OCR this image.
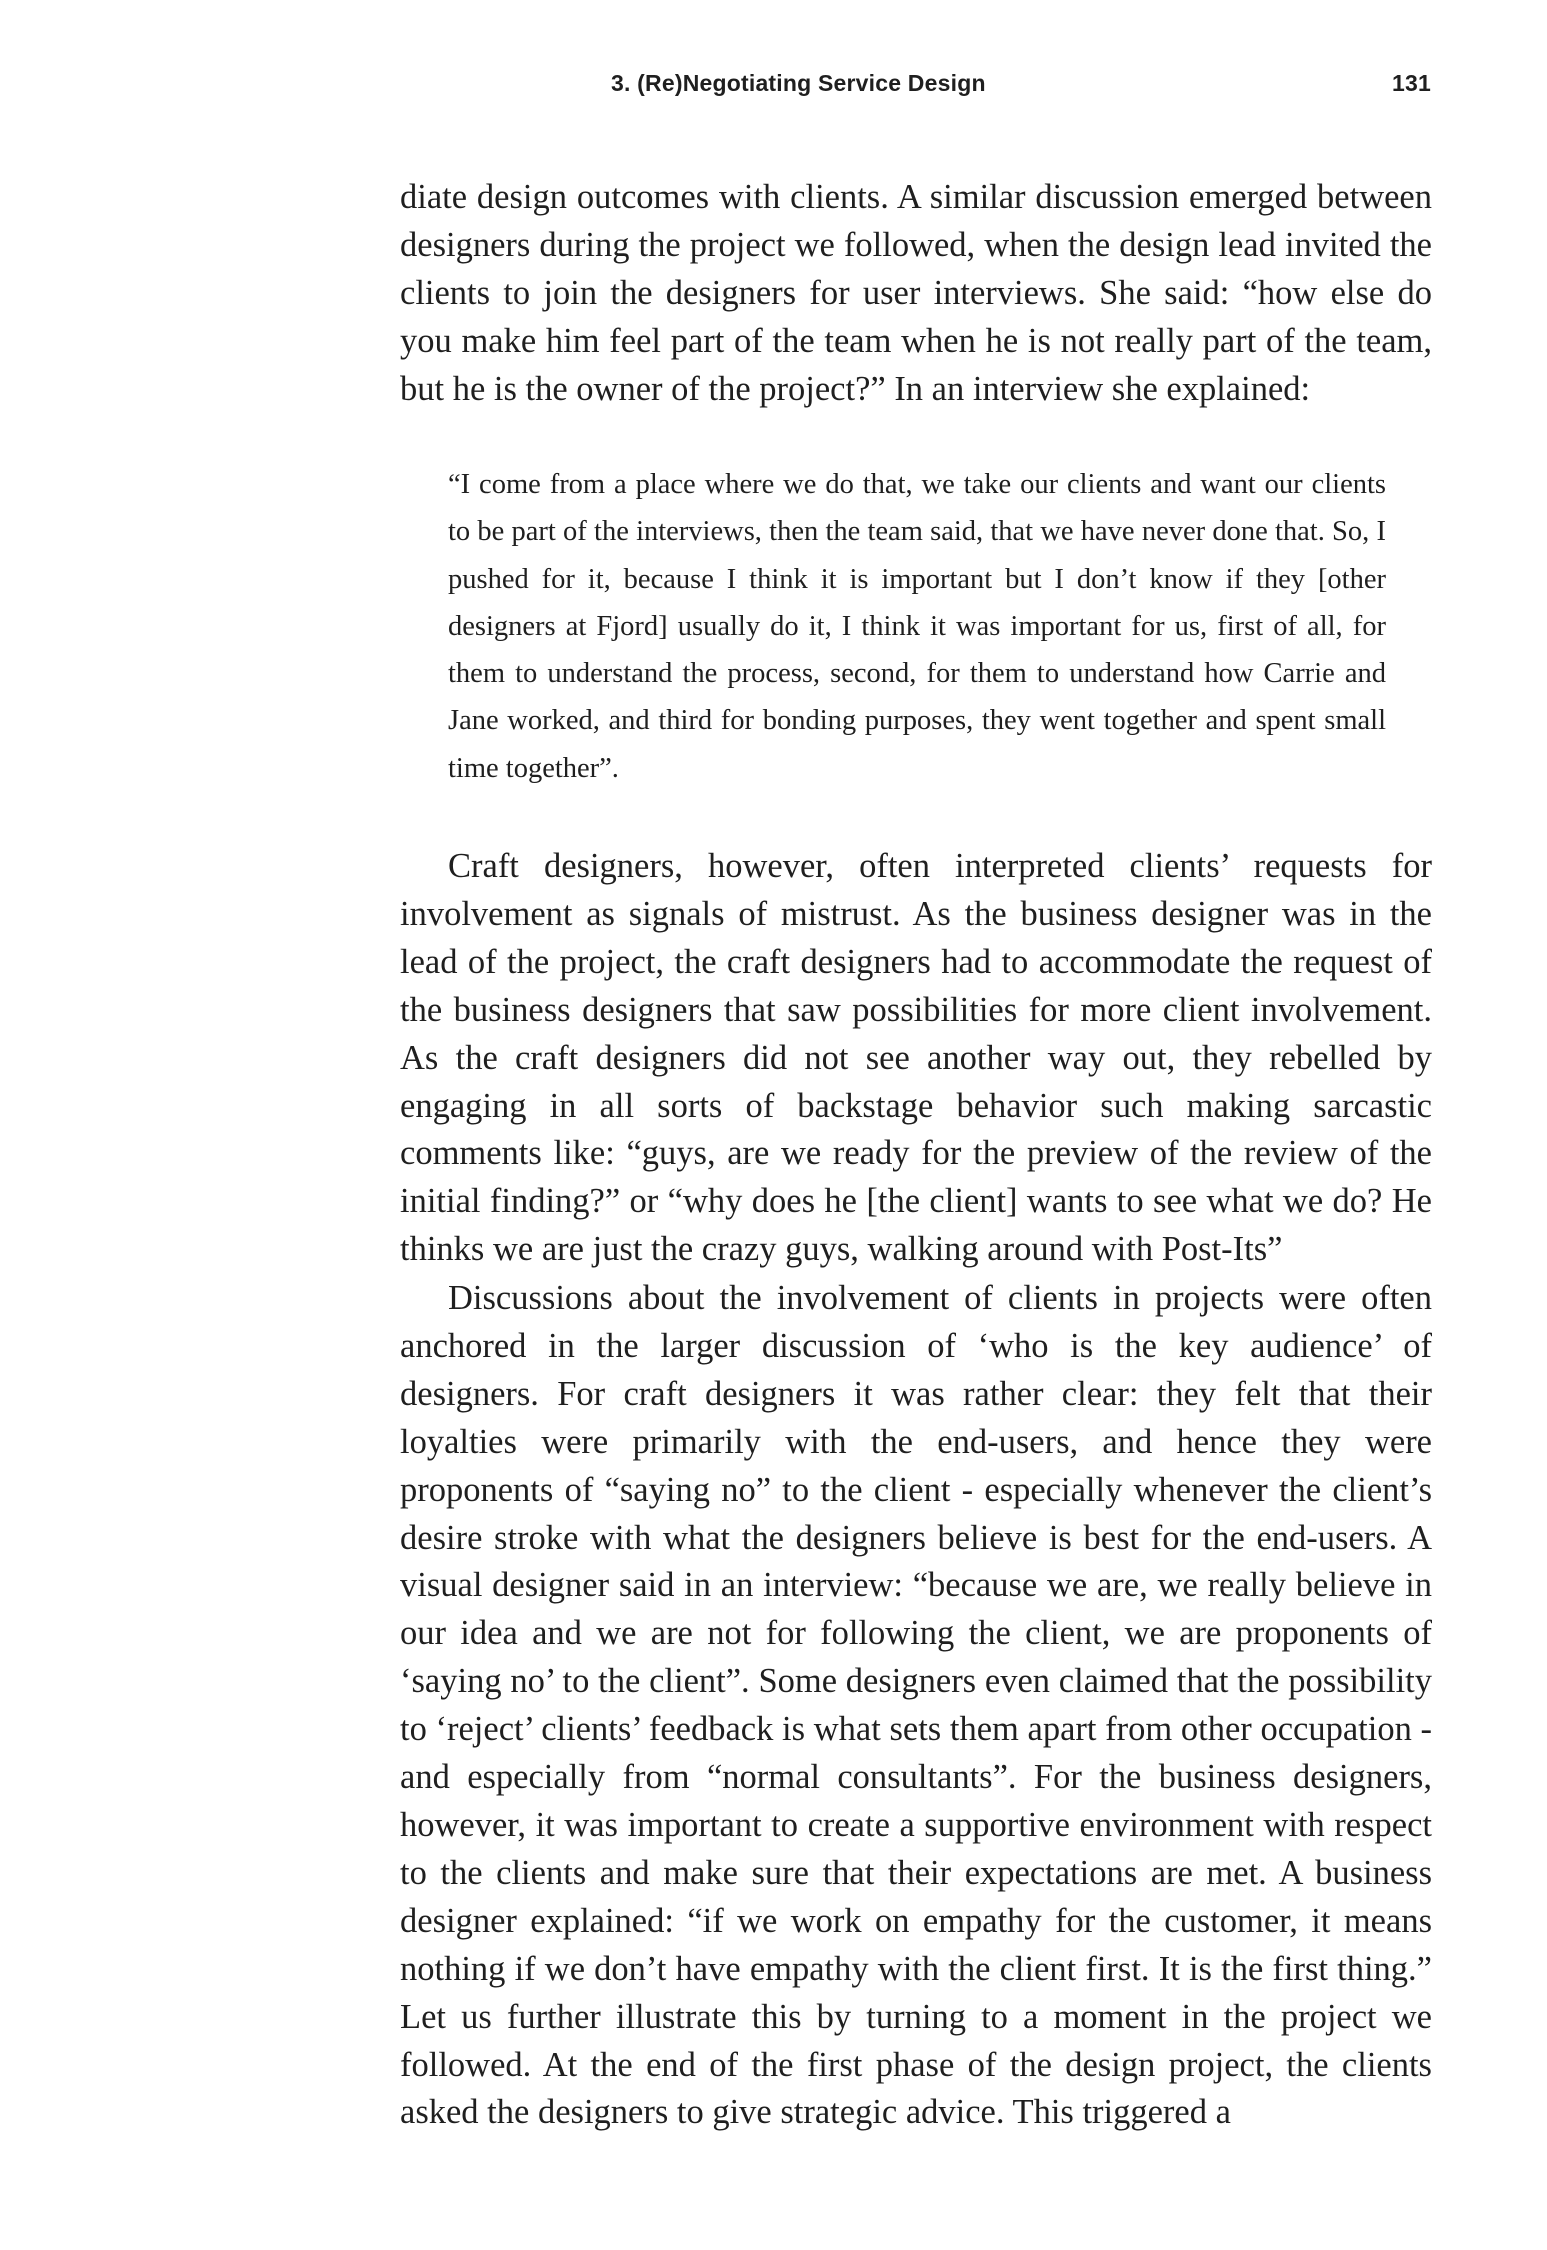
3. (Re)Negotiating Service Design	131

diate design outcomes with clients. A similar discussion emerged between designers during the project we followed, when the design lead invited the clients to join the designers for user interviews. She said: “how else do you make him feel part of the team when he is not really part of the team, but he is the owner of the project?” In an interview she explained:

“I come from a place where we do that, we take our clients and want our clients to be part of the interviews, then the team said, that we have never done that. So, I pushed for it, because I think it is important but I don’t know if they [other designers at Fjord] usually do it, I think it was important for us, first of all, for them to understand the process, second, for them to understand how Carrie and Jane worked, and third for bonding purposes, they went together and spent small time together”.

Craft designers, however, often interpreted clients’ requests for involvement as signals of mistrust. As the business designer was in the lead of the project, the craft designers had to accommodate the request of the business designers that saw possibilities for more client involvement. As the craft designers did not see another way out, they rebelled by engaging in all sorts of backstage behavior such making sarcastic comments like: “guys, are we ready for the preview of the review of the initial finding?” or “why does he [the client] wants to see what we do? He thinks we are just the crazy guys, walking around with Post-Its”

Discussions about the involvement of clients in projects were often anchored in the larger discussion of ‘who is the key audience’ of designers. For craft designers it was rather clear: they felt that their loyalties were primarily with the end-users, and hence they were proponents of “saying no” to the client - especially whenever the client’s desire stroke with what the designers believe is best for the end-users. A visual designer said in an interview: “because we are, we really believe in our idea and we are not for following the client, we are proponents of ‘saying no’ to the client”. Some designers even claimed that the possibility to ‘reject’ clients’ feedback is what sets them apart from other occupation - and especially from “normal consultants”. For the business designers, however, it was important to create a supportive environment with respect to the clients and make sure that their expectations are met. A business designer explained: “if we work on empathy for the customer, it means nothing if we don’t have empathy with the client first. It is the first thing.” Let us further illustrate this by turning to a moment in the project we followed. At the end of the first phase of the design project, the clients asked the designers to give strategic advice. This triggered a
